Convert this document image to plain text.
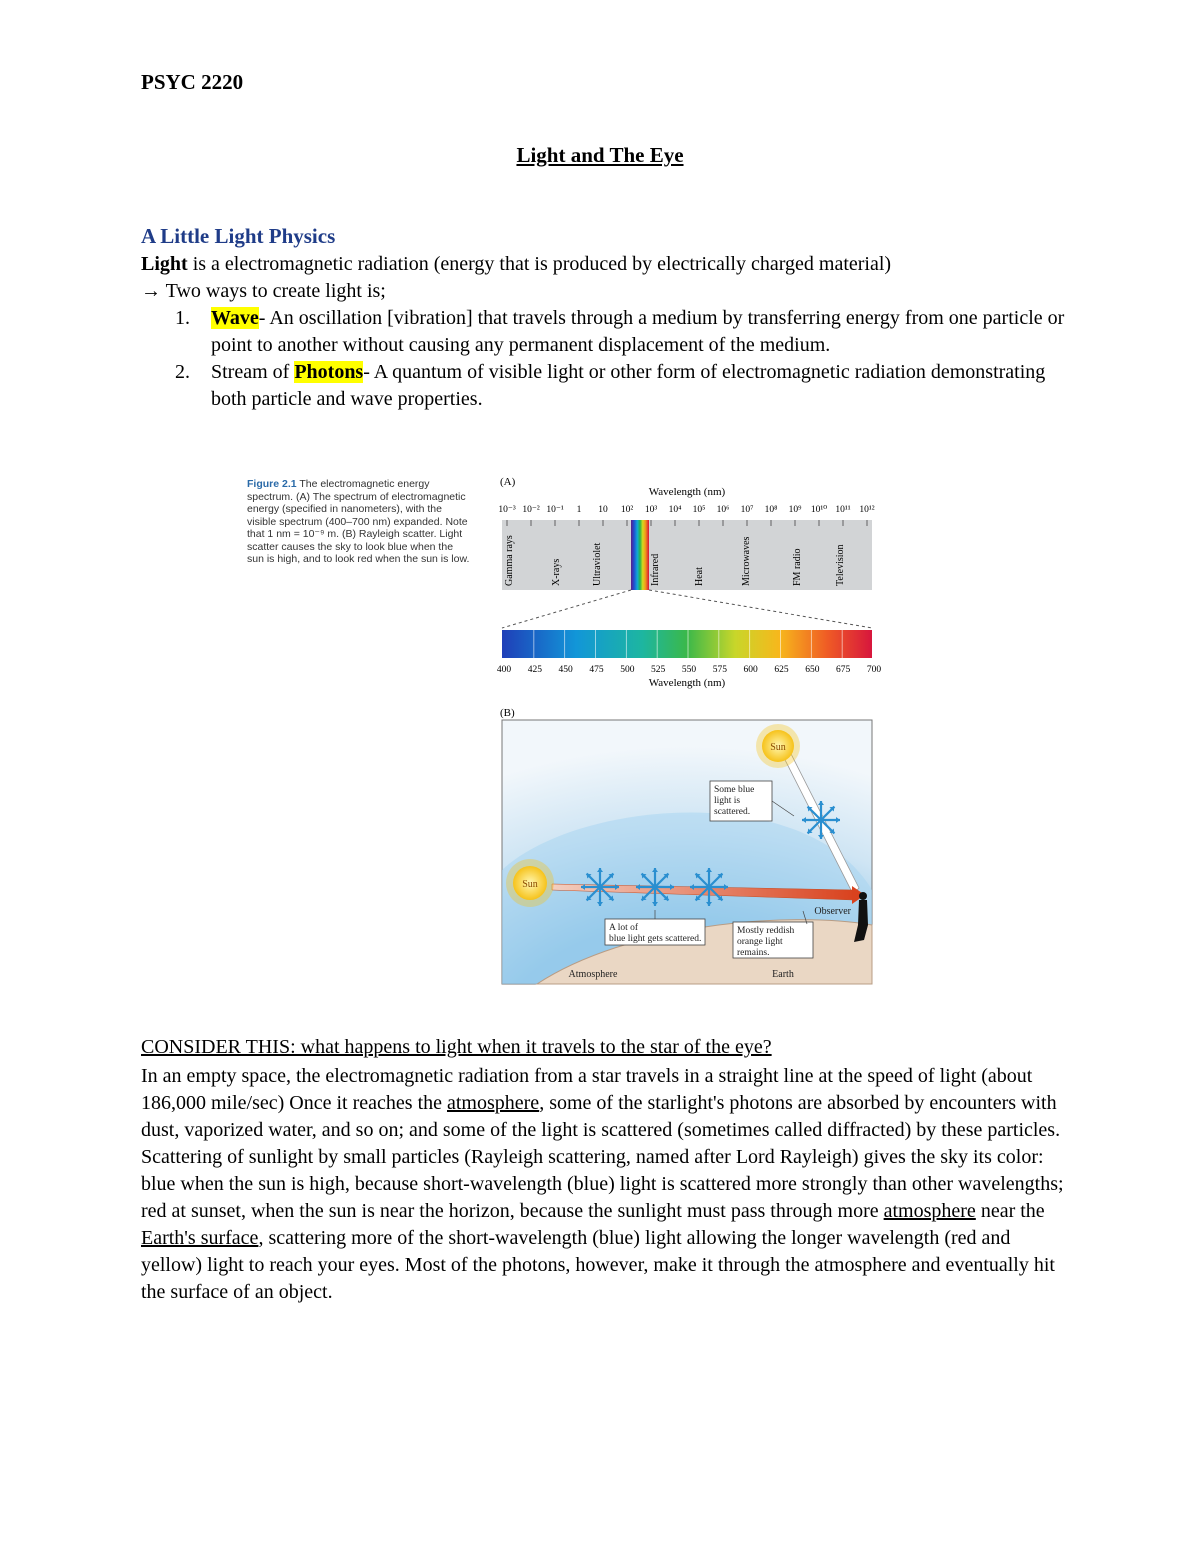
PSYC 2220
Light and The Eye
A Little Light Physics
Light is a electromagnetic radiation (energy that is produced by electrically charged material)
→ Two ways to create light is;
1. Wave- An oscillation [vibration] that travels through a medium by transferring energy from one particle or point to another without causing any permanent displacement of the medium.
2. Stream of Photons- A quantum of visible light or other form of electromagnetic radiation demonstrating both particle and wave properties.
Figure 2.1 The electromagnetic energy spectrum. (A) The spectrum of electromagnetic energy (specified in nanometers), with the visible spectrum (400–700 nm) expanded. Note that 1 nm = 10⁻⁹ m. (B) Rayleigh scatter. Light scatter causes the sky to look blue when the sun is high, and to look red when the sun is low.
(A)
Wavelength (nm)
10⁻³ 10⁻² 10⁻¹ 1 10 10² 10³ 10⁴ 10⁵ 10⁶ 10⁷ 10⁸ 10⁹ 10¹⁰ 10¹¹ 10¹²
Gamma rays	X-rays	Ultraviolet	Infrared	Heat	Microwaves	FM radio	Television
400 425 450 475 500 525 550 575 600 625 650 675 700
Wavelength (nm)
(B)
Sun
Sun
Some blue light is scattered.
A lot of blue light gets scattered.
Mostly reddish orange light remains.
Observer
Atmosphere	Earth
CONSIDER THIS: what happens to light when it travels to the star of the eye?
In an empty space, the electromagnetic radiation from a star travels in a straight line at the speed of light (about 186,000 mile/sec) Once it reaches the atmosphere, some of the starlight's photons are absorbed by encounters with dust, vaporized water, and so on; and some of the light is scattered (sometimes called diffracted) by these particles. Scattering of sunlight by small particles (Rayleigh scattering, named after Lord Rayleigh) gives the sky its color: blue when the sun is high, because short-wavelength (blue) light is scattered more strongly than other wavelengths; red at sunset, when the sun is near the horizon, because the sunlight must pass through more atmosphere near the Earth's surface, scattering more of the short-wavelength (blue) light allowing the longer wavelength (red and yellow) light to reach your eyes. Most of the photons, however, make it through the atmosphere and eventually hit the surface of an object.
